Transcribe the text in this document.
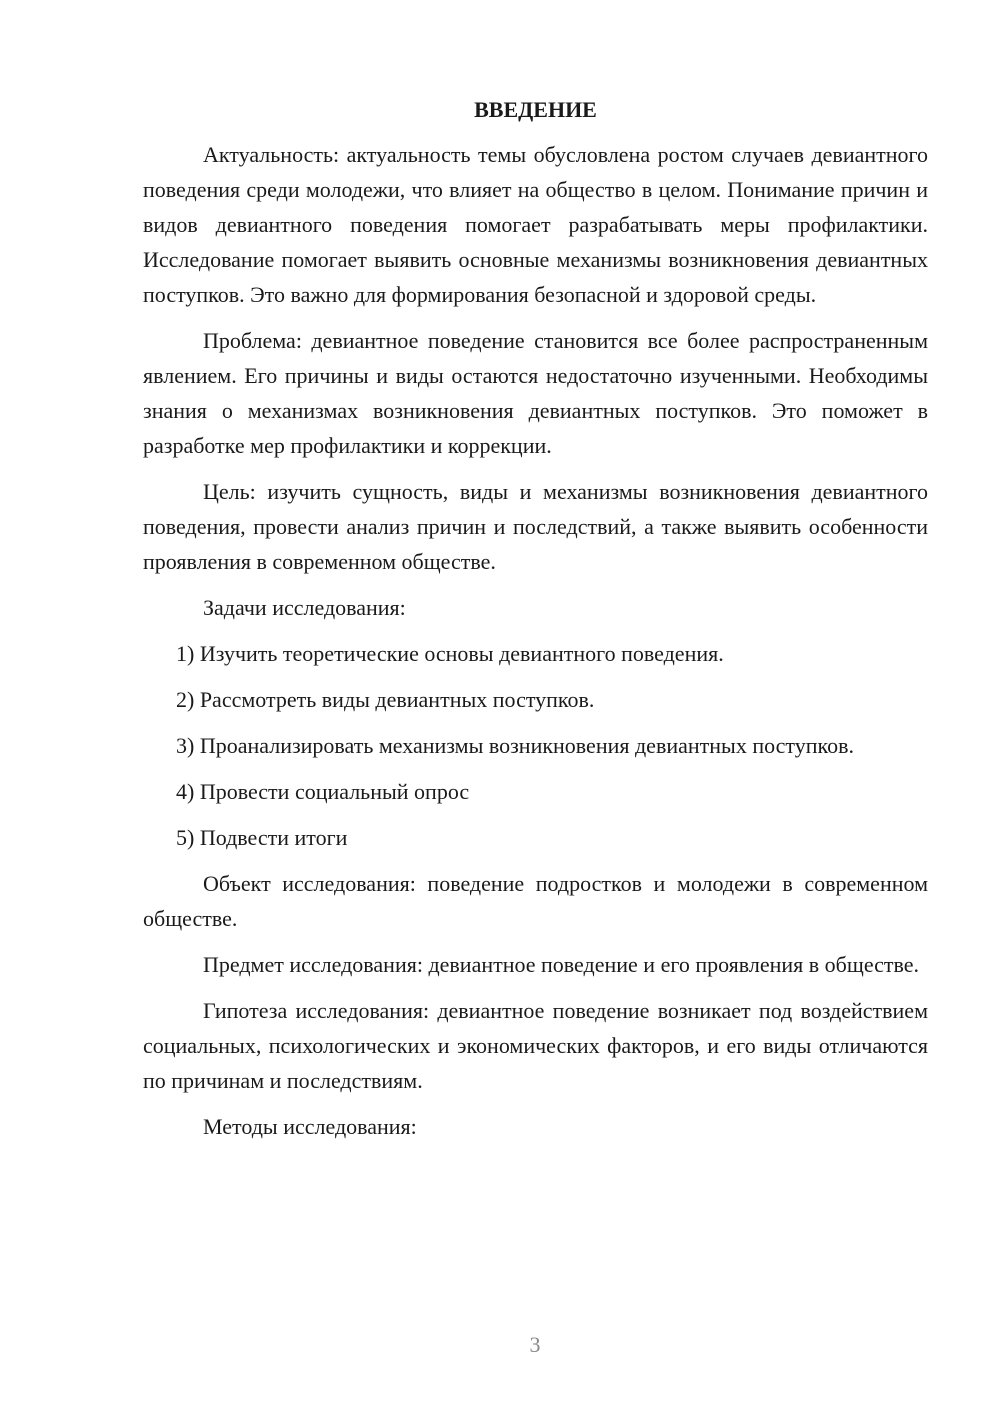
ВВЕДЕНИЕ

Актуальность: актуальность темы обусловлена ростом случаев девиантного поведения среди молодежи, что влияет на общество в целом. Понимание причин и видов девиантного поведения помогает разрабатывать меры профилактики. Исследование помогает выявить основные механизмы возникновения девиантных поступков. Это важно для формирования безопасной и здоровой среды.

Проблема: девиантное поведение становится все более распространенным явлением. Его причины и виды остаются недостаточно изученными. Необходимы знания о механизмах возникновения девиантных поступков. Это поможет в разработке мер профилактики и коррекции.

Цель: изучить сущность, виды и механизмы возникновения девиантного поведения, провести анализ причин и последствий, а также выявить особенности проявления в современном обществе.

Задачи исследования:

1) Изучить теоретические основы девиантного поведения.

2) Рассмотреть виды девиантных поступков.

3) Проанализировать механизмы возникновения девиантных поступков.

4) Провести социальный опрос

5) Подвести итоги

Объект исследования: поведение подростков и молодежи в современном обществе.

Предмет исследования: девиантное поведение и его проявления в обществе.

Гипотеза исследования: девиантное поведение возникает под воздействием социальных, психологических и экономических факторов, и его виды отличаются по причинам и последствиям.

Методы исследования:

3
